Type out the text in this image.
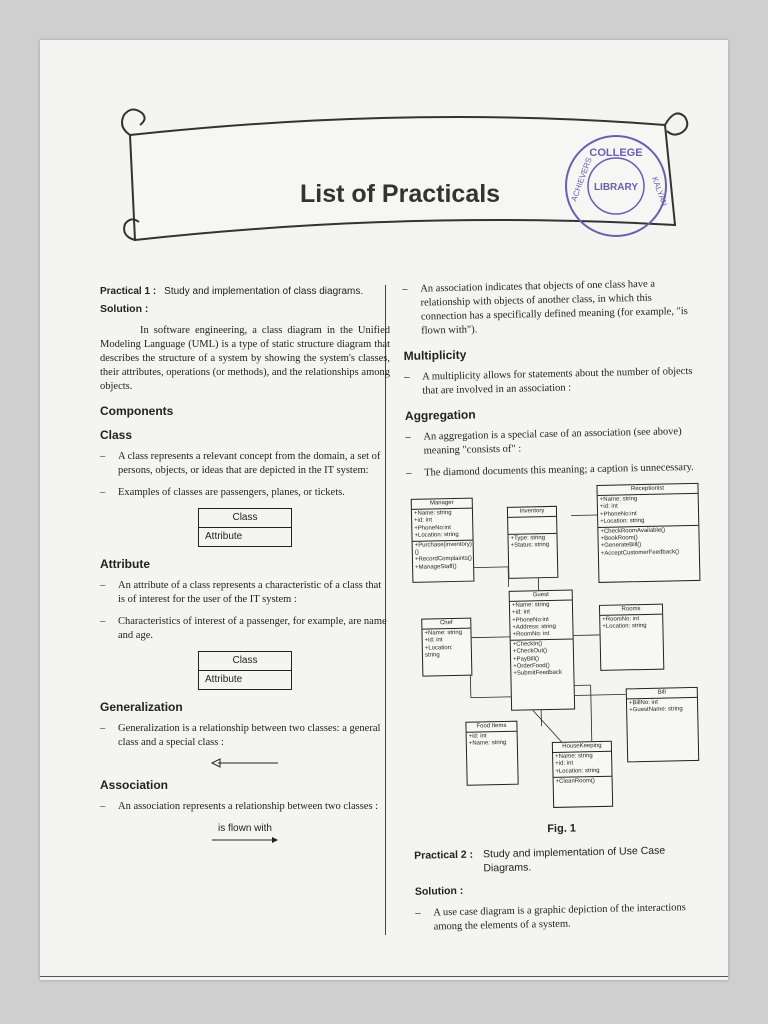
List of Practicals
COLLEGE
LIBRARY
ACHIEVERS	KALYAN
Practical 1 : Study and implementation of class diagrams.

Solution :

In software engineering, a class diagram in the Unified Modeling Language (UML) is a type of static structure diagram that describes the structure of a system by showing the system's classes, their attributes, operations (or methods), and the relationships among objects.

Components
Class
–	A class represents a relevant concept from the domain, a set of persons, objects, or ideas that are depicted in the IT system:
–	Examples of classes are passengers, planes, or tickets.
Class
Attribute
Attribute
–	An attribute of a class represents a characteristic of a class that is of interest for the user of the IT system :
–	Characteristics of interest of a passenger, for example, are name and age.
Class
Attribute
Generalization
–	Generalization is a relationship between two classes: a general class and a special class :
Association
–	An association represents a relationship between two classes :
is flown with
–	An association indicates that objects of one class have a relationship with objects of another class, in which this connection has a specifically defined meaning (for example, "is flown with").
Multiplicity
–	A multiplicity allows for statements about the number of objects that are involved in an association :
Aggregation
–	An aggregation is a special case of an association (see above) meaning "consists of" :
–	The diamond documents this meaning; a caption is unnecessary.
Manager
+Name: string
+id: int
+PhoneNo:int
+Location: string
+Purchase(inventory)()
+RecordComplaints()
+ManageStaff()
Inventory
+Type: string
+Status: string
Receptionist
+Name: string
+id: int
+PhoneNo:int
+Location: string
+CheckRoomAvailable()
+BookRoom()
+GenerateBill()
+AcceptCustomerFeedback()
Guest
+Name: string
+id: int
+PhoneNo:int
+Address: string
+RoomNo: int
+CheckIn()
+CheckOut()
+PayBill()
+OrderFood()
+SubmitFeedback
Chef
+Name: string
+id: int
+Location: string
Rooms
+RoomNo: int
+Location: string
Food Items
+id: int
+Name: string
Bill
+BillNo: int
+GuestName: string
HouseKeeping
+Name: string
+id: int
+Location: string
+CleanRoom()
Fig. 1
Practical 2 : Study and implementation of Use Case Diagrams.

Solution :

–	A use case diagram is a graphic depiction of the interactions among the elements of a system.
